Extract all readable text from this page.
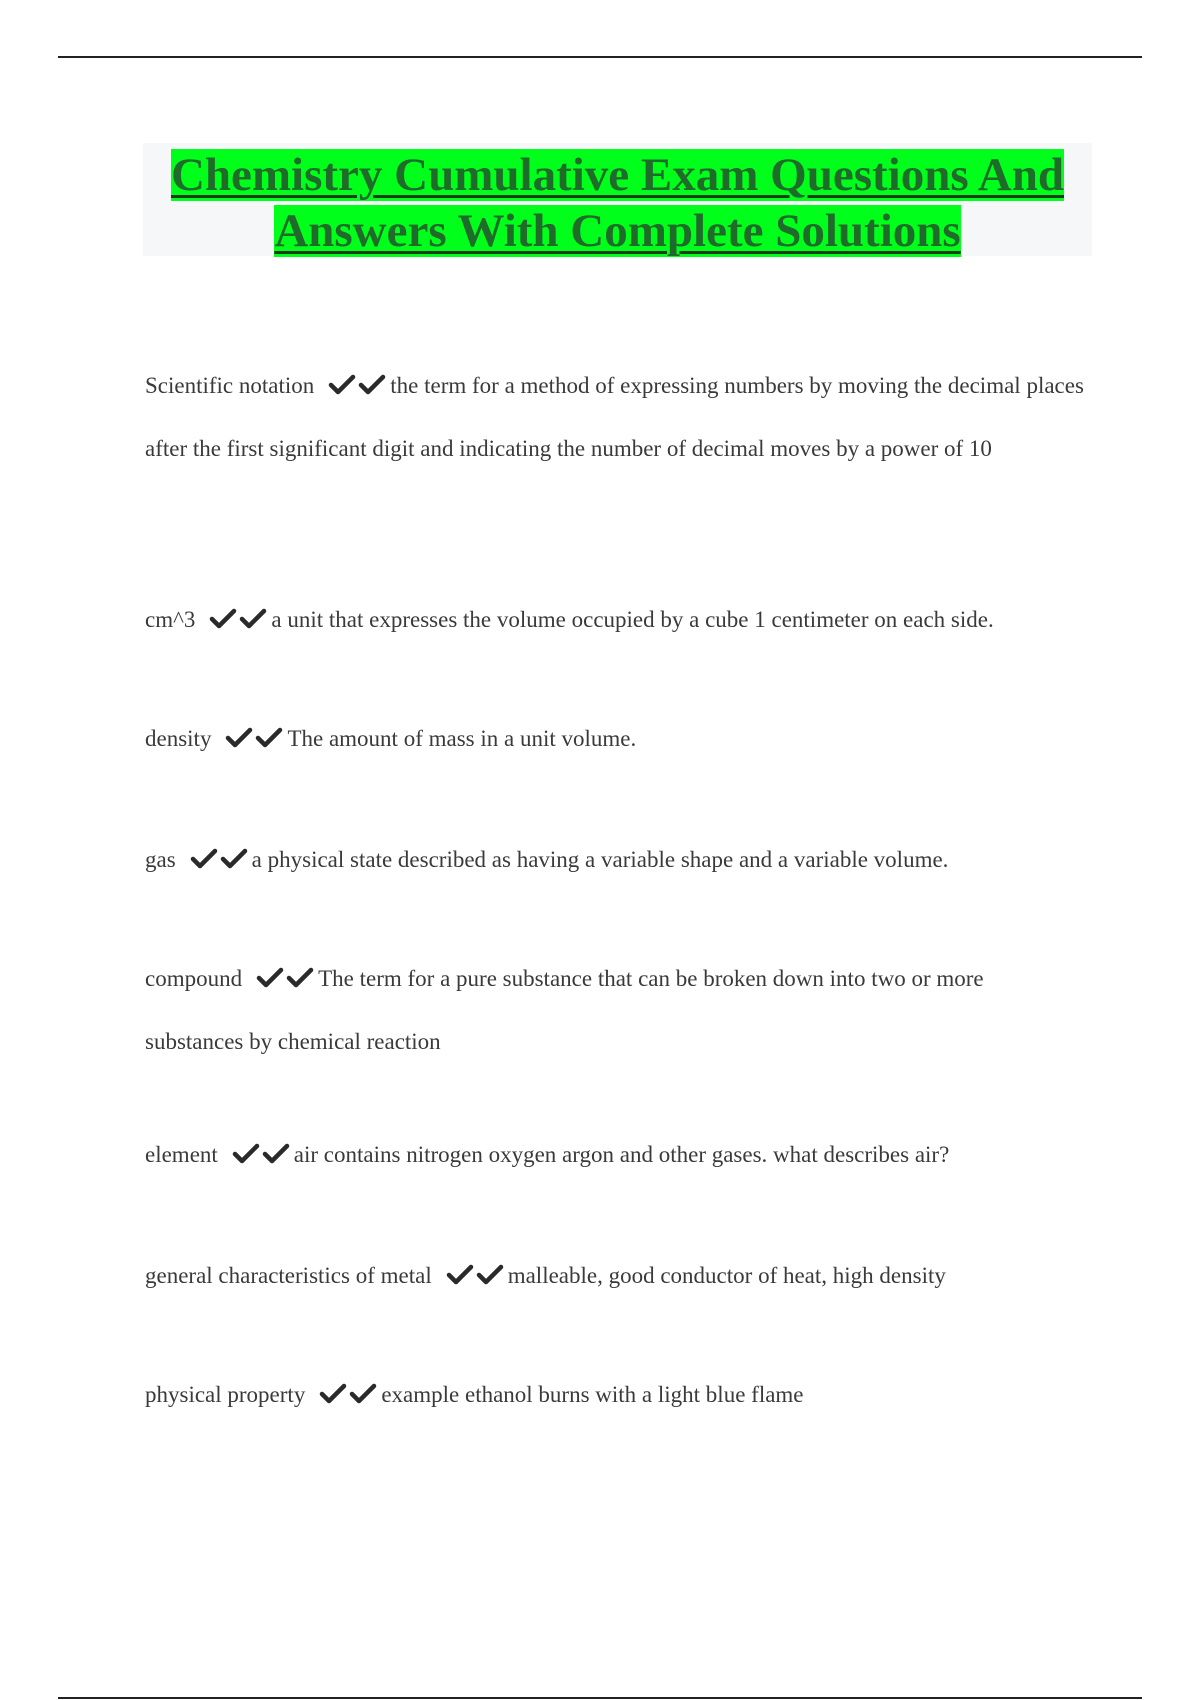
Chemistry Cumulative Exam Questions And Answers With Complete Solutions
Scientific notation	the term for a method of expressing numbers by moving the decimal places after the first significant digit and indicating the number of decimal moves by a power of 10
cm^3	a unit that expresses the volume occupied by a cube 1 centimeter on each side.
density	The amount of mass in a unit volume.
gas	a physical state described as having a variable shape and a variable volume.
compound	The term for a pure substance that can be broken down into two or more substances by chemical reaction
element	air contains nitrogen oxygen argon and other gases. what describes air?
general characteristics of metal	malleable, good conductor of heat, high density
physical property	example ethanol burns with a light blue flame
